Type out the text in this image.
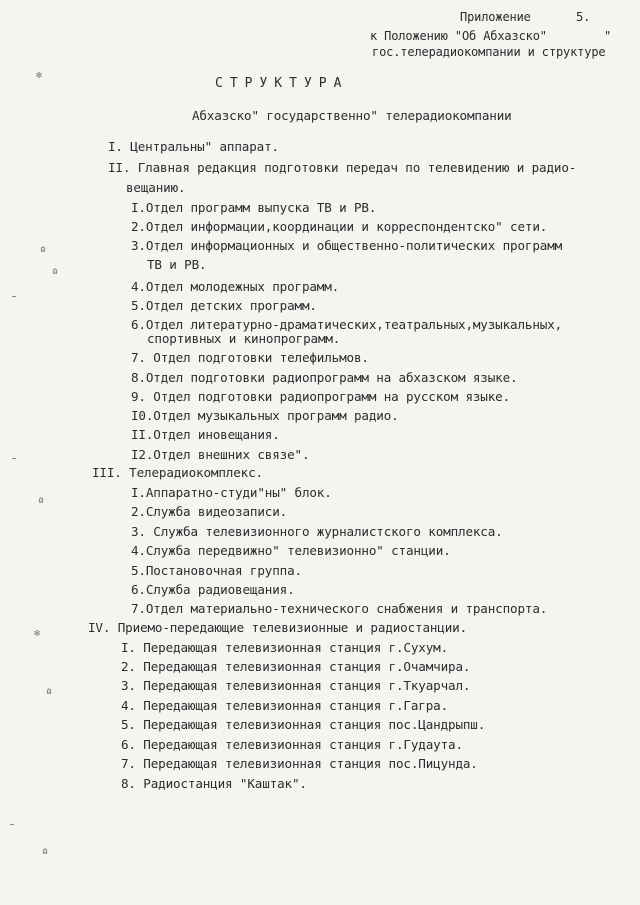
Приложение	5.
к Положению "Об Абхазско"	"
гос.телерадиокомпании и структуре
СТРУКТУРА
Абхазско" государственно" телерадиокомпании
I. Центральны" аппарат.
II. Главная редакция подготовки передач по телевидению и радио-
вещанию.
I.Отдел программ выпуска ТВ и РВ.
2.Отдел информации,координации и корреспондентско" сети.
3.Отдел информационных и общественно-политических программ
ТВ и РВ.
4.Отдел молодежных программ.
5.Отдел детских программ.
6.Отдел литературно-драматических,театральных,музыкальных,
спортивных и кинопрограмм.
7. Отдел подготовки телефильмов.
8.Отдел подготовки радиопрограмм на абхазском языке.
9. Отдел подготовки радиопрограмм на русском языке.
I0.Отдел музыкальных программ радио.
II.Отдел иновещания.
I2.Отдел внешних связе".
III. Телерадиокомплекс.
I.Аппаратно-студи"ны" блок.
2.Служба видеозаписи.
3. Служба телевизионного журналистского комплекса.
4.Служба передвижно" телевизионно" станции.
5.Постановочная группа.
6.Служба радиовещания.
7.Отдел материально-технического снабжения и транспорта.
IV. Приемо-передающие телевизионные и радиостанции.
I. Передающая телевизионная станция г.Сухум.
2. Передающая телевизионная станция г.Очамчира.
3. Передающая телевизионная станция г.Ткуарчал.
4. Передающая телевизионная станция г.Гагра.
5. Передающая телевизионная станция пос.Цандрыпш.
6. Передающая телевизионная станция г.Гудаута.
7. Передающая телевизионная станция пос.Пицунда.
8. Радиостанция "Каштак".
✻
ɷ
ɷ
ɷ
✻
ɷ
ɷ
